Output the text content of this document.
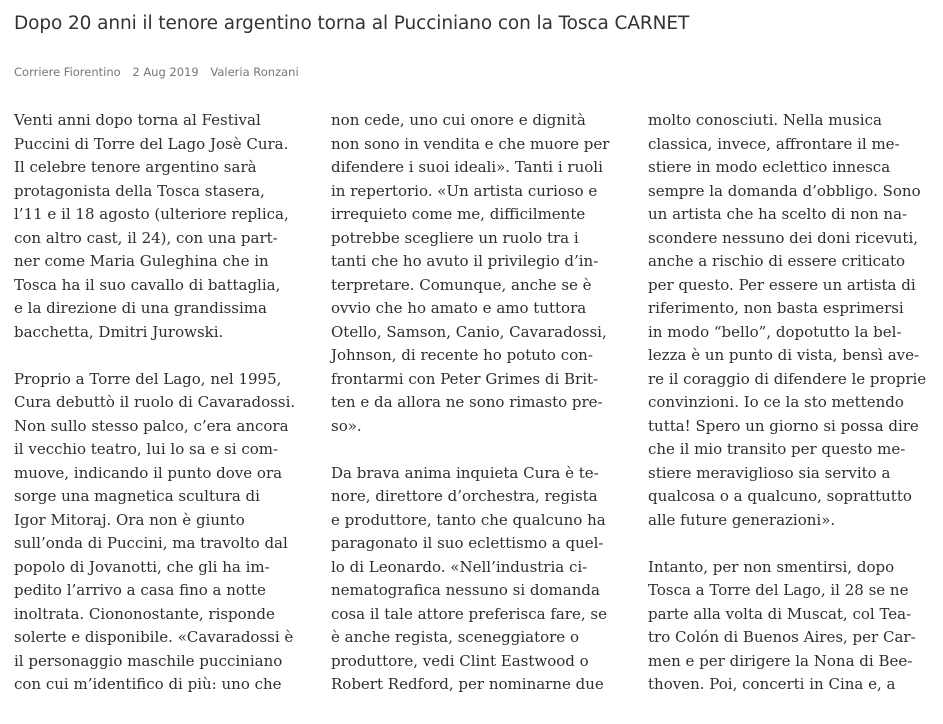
Dopo 20 anni il tenore argentino torna al Pucciniano con la Tosca CARNET
Corriere Fiorentino 2 Aug 2019 Valeria Ronzani
Venti anni dopo torna al Festival
Puccini di Torre del Lago Josè Cura.
Il celebre tenore argentino sarà
protagonista della Tosca stasera,
l’11 e il 18 agosto (ulteriore replica,
con altro cast, il 24), con una part-
ner come Maria Guleghina che in
Tosca ha il suo cavallo di battaglia,
e la direzione di una grandissima
bacchetta, Dmitri Jurowski.
Proprio a Torre del Lago, nel 1995,
Cura debuttò il ruolo di Cavaradossi.
Non sullo stesso palco, c’era ancora
il vecchio teatro, lui lo sa e si com-
muove, indicando il punto dove ora
sorge una magnetica scultura di
Igor Mitoraj. Ora non è giunto
sull’onda di Puccini, ma travolto dal
popolo di Jovanotti, che gli ha im-
pedito l’arrivo a casa fino a notte
inoltrata. Ciononostante, risponde
solerte e disponibile. «Cavaradossi è
il personaggio maschile pucciniano
con cui m’identifico di più: uno che
non cede, uno cui onore e dignità
non sono in vendita e che muore per
difendere i suoi ideali». Tanti i ruoli
in repertorio. «Un artista curioso e
irrequieto come me, difficilmente
potrebbe scegliere un ruolo tra i
tanti che ho avuto il privilegio d’in-
terpretare. Comunque, anche se è
ovvio che ho amato e amo tuttora
Otello, Samson, Canio, Cavaradossi,
Johnson, di recente ho potuto con-
frontarmi con Peter Grimes di Brit-
ten e da allora ne sono rimasto pre-
so».
Da brava anima inquieta Cura è te-
nore, direttore d’orchestra, regista
e produttore, tanto che qualcuno ha
paragonato il suo eclettismo a quel-
lo di Leonardo. «Nell’industria ci-
nematografica nessuno si domanda
cosa il tale attore preferisca fare, se
è anche regista, sceneggiatore o
produttore, vedi Clint Eastwood o
Robert Redford, per nominarne due
molto conosciuti. Nella musica
classica, invece, affrontare il me-
stiere in modo eclettico innesca
sempre la domanda d’obbligo. Sono
un artista che ha scelto di non na-
scondere nessuno dei doni ricevuti,
anche a rischio di essere criticato
per questo. Per essere un artista di
riferimento, non basta esprimersi
in modo “bello”, dopotutto la bel-
lezza è un punto di vista, bensì ave-
re il coraggio di difendere le proprie
convinzioni. Io ce la sto mettendo
tutta! Spero un giorno si possa dire
che il mio transito per questo me-
stiere meraviglioso sia servito a
qualcosa o a qualcuno, soprattutto
alle future generazioni».
Intanto, per non smentirsi, dopo
Tosca a Torre del Lago, il 28 se ne
parte alla volta di Muscat, col Tea-
tro Colón di Buenos Aires, per Car-
men e per dirigere la Nona di Bee-
thoven. Poi, concerti in Cina e, a
